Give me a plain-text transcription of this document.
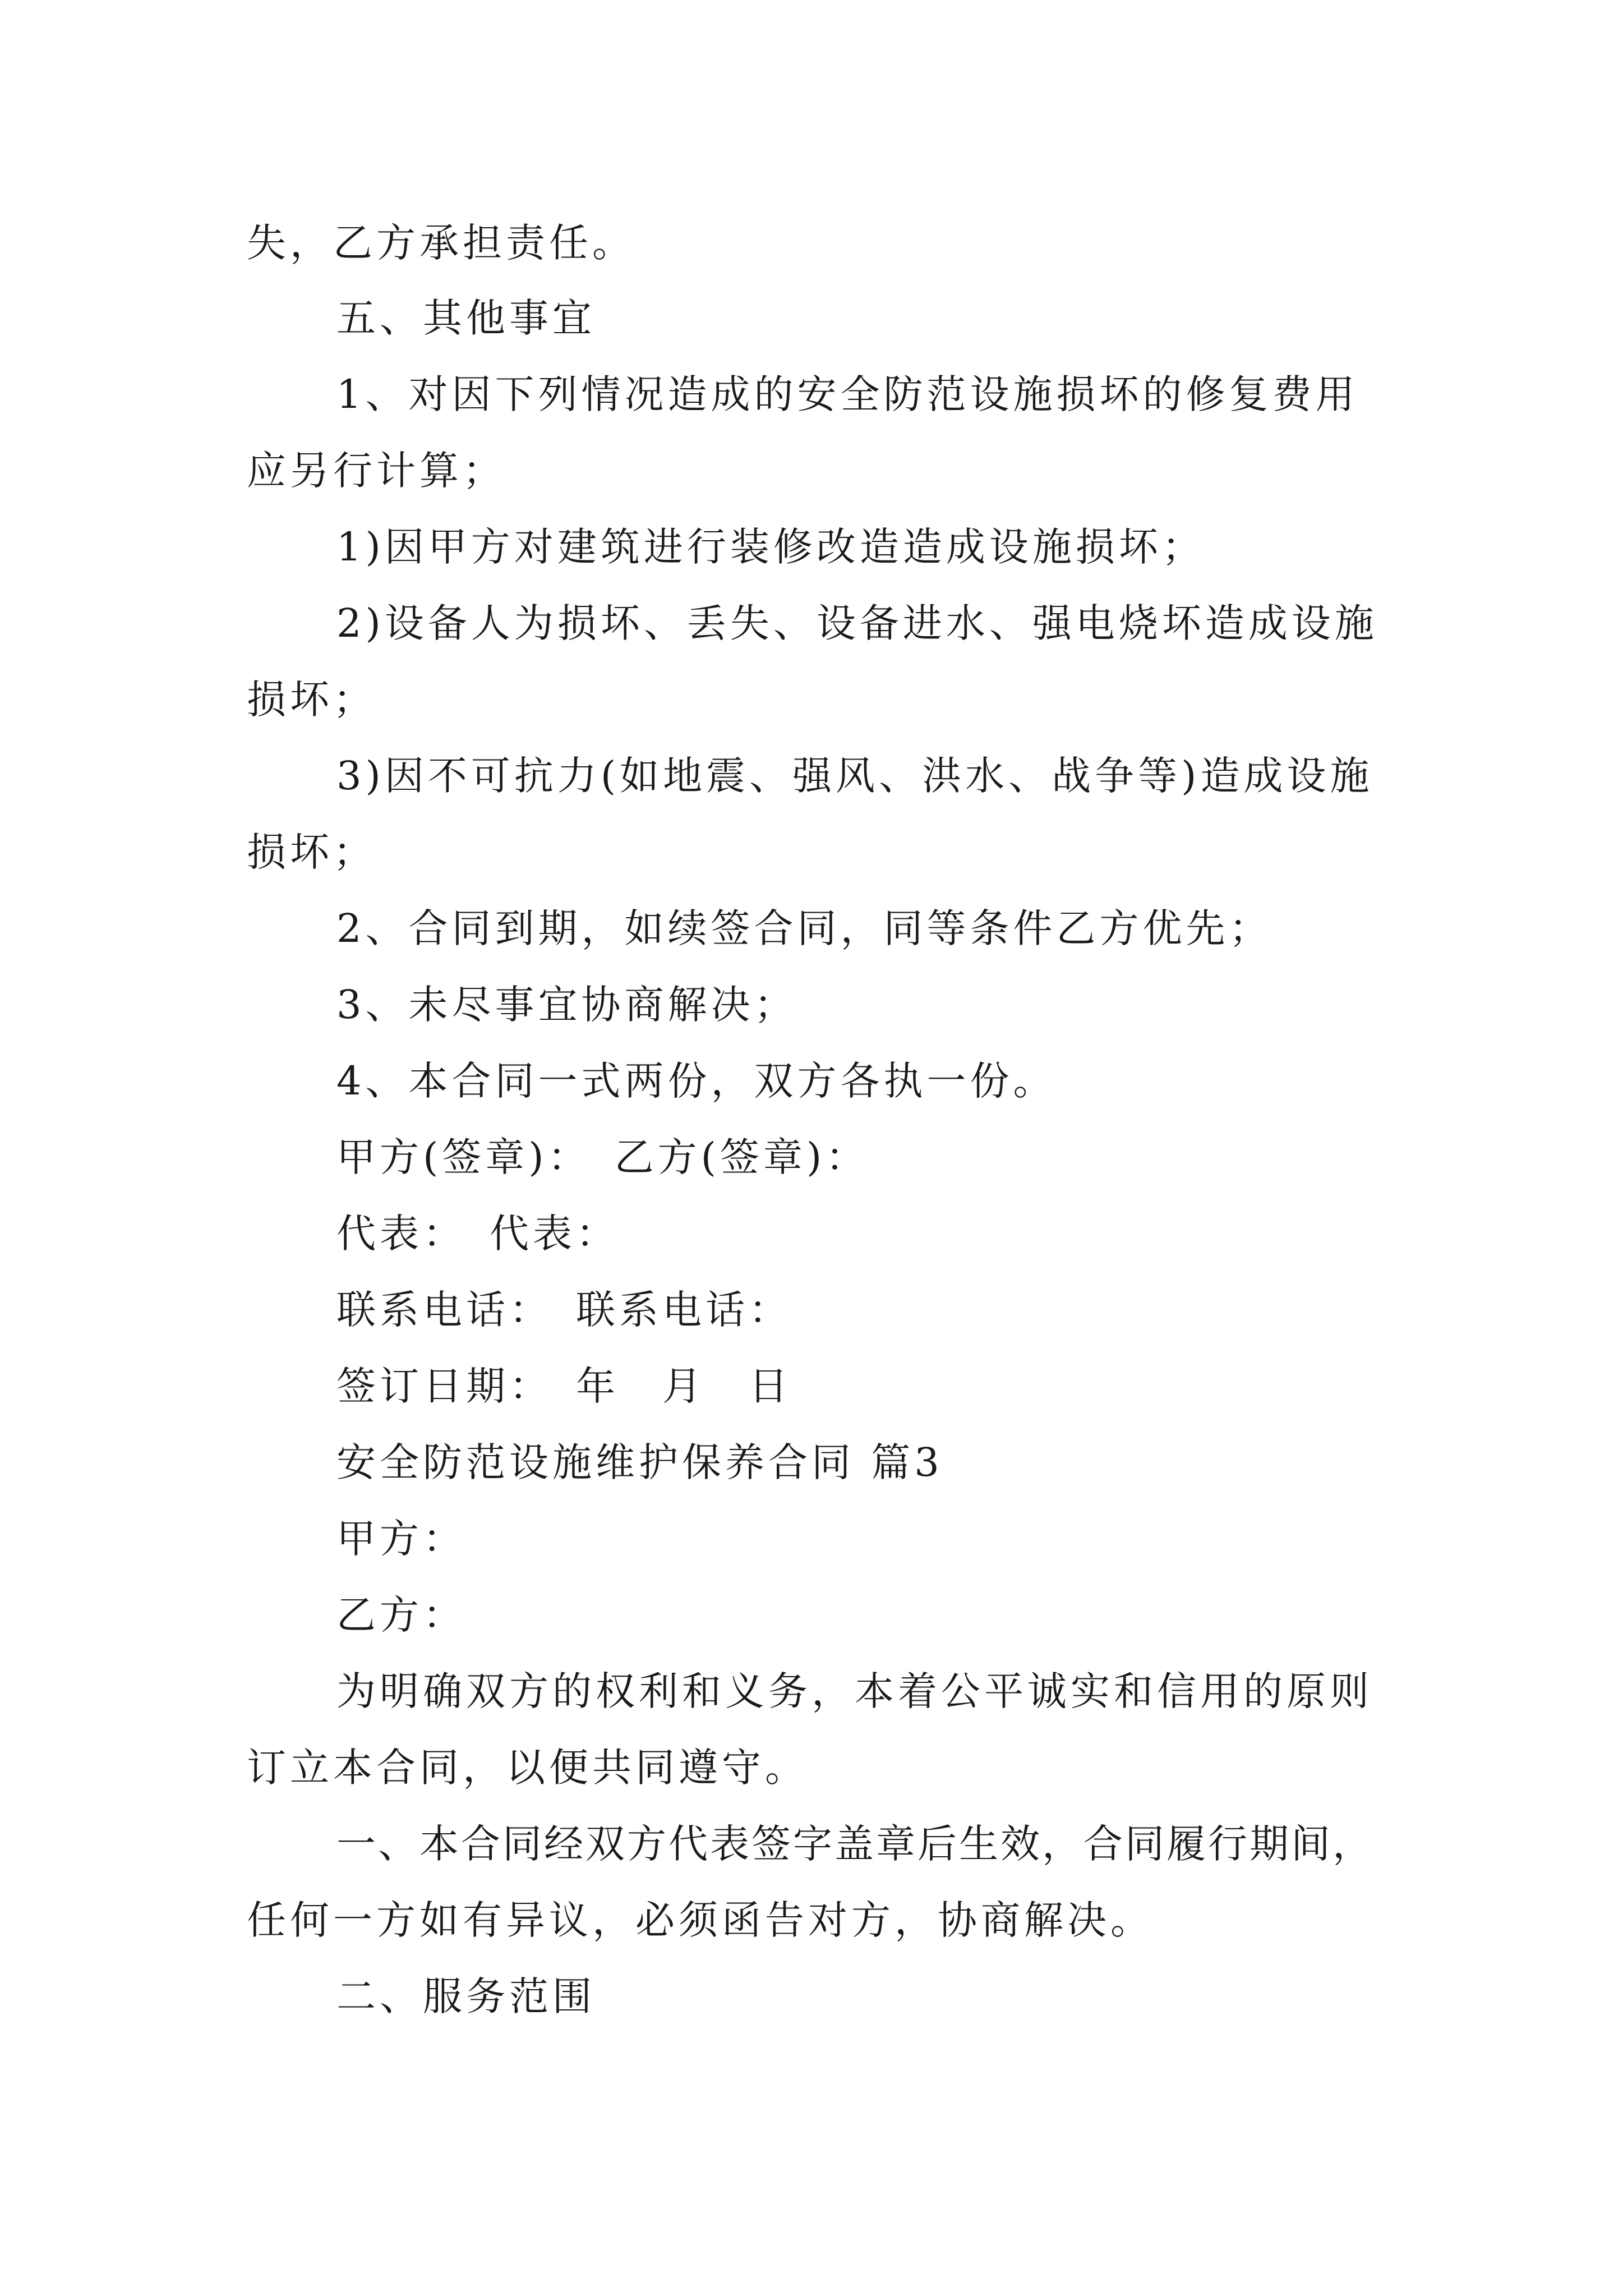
失，乙方承担责任。
五、其他事宜
1、对因下列情况造成的安全防范设施损坏的修复费用
应另行计算；
1)因甲方对建筑进行装修改造造成设施损坏；
2)设备人为损坏、丢失、设备进水、强电烧坏造成设施
损坏；
3)因不可抗力(如地震、强风、洪水、战争等)造成设施
损坏；
2、合同到期，如续签合同，同等条件乙方优先；
3、未尽事宜协商解决；
4、本合同一式两份，双方各执一份。
甲方(签章)：　乙方(签章)：
代表：　代表：
联系电话：　联系电话：
签订日期：　年　月　日
安全防范设施维护保养合同 篇3
甲方：
乙方：
为明确双方的权利和义务，本着公平诚实和信用的原则
订立本合同，以便共同遵守。
一、本合同经双方代表签字盖章后生效，合同履行期间，
任何一方如有异议，必须函告对方，协商解决。
二、服务范围
